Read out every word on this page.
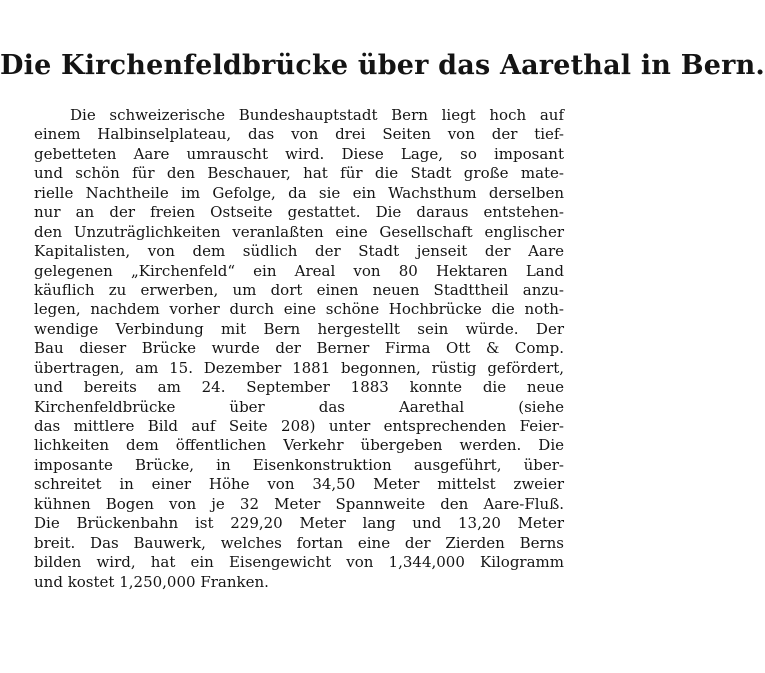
Die Kirchenfeldbrücke über das Aarethal in Bern.
Die schweizerische Bundeshauptstadt Bern liegt hoch auf
einem Halbinselplateau, das von drei Seiten von der tief-
gebetteten Aare umrauscht wird. Diese Lage, so imposant
und schön für den Beschauer, hat für die Stadt große mate-
rielle Nachtheile im Gefolge, da sie ein Wachsthum derselben
nur an der freien Ostseite gestattet. Die daraus entstehen-
den Unzuträglichkeiten veranlaßten eine Gesellschaft englischer
Kapitalisten, von dem südlich der Stadt jenseit der Aare
gelegenen „Kirchenfeld“ ein Areal von 80 Hektaren Land
käuflich zu erwerben, um dort einen neuen Stadttheil anzu-
legen, nachdem vorher durch eine schöne Hochbrücke die noth-
wendige Verbindung mit Bern hergestellt sein würde. Der
Bau dieser Brücke wurde der Berner Firma Ott & Comp.
übertragen, am 15. Dezember 1881 begonnen, rüstig gefördert,
und bereits am 24. September 1883 konnte die neue
Kirchenfeldbrücke über das Aarethal (siehe
das mittlere Bild auf Seite 208) unter entsprechenden Feier-
lichkeiten dem öffentlichen Verkehr übergeben werden. Die
imposante Brücke, in Eisenkonstruktion ausgeführt, über-
schreitet in einer Höhe von 34,50 Meter mittelst zweier
kühnen Bogen von je 32 Meter Spannweite den Aare-Fluß.
Die Brückenbahn ist 229,20 Meter lang und 13,20 Meter
breit. Das Bauwerk, welches fortan eine der Zierden Berns
bilden wird, hat ein Eisengewicht von 1,344,000 Kilogramm
und kostet 1,250,000 Franken.
